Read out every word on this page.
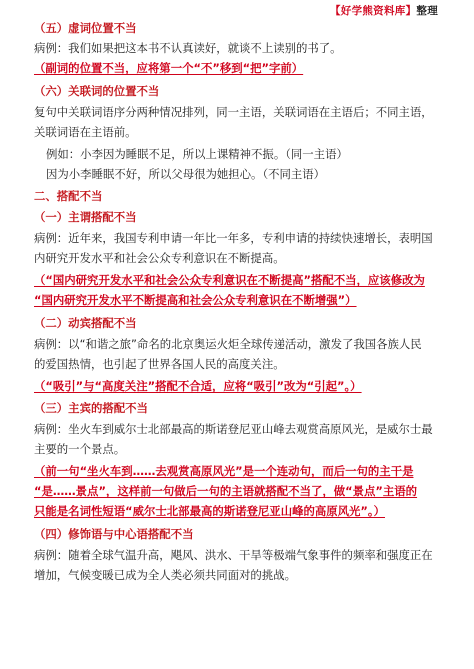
【好学熊资料库】整理
（五）虚词位置不当
病例：我们如果把这本书不认真读好，就谈不上读别的书了。
（副词的位置不当，应将第一个“不”移到“把”字前）
（六）关联词的位置不当
复句中关联词语序分两种情况排列，同一主语，关联词语在主语后；不同主语，
关联词语在主语前。
例如：小李因为睡眠不足，所以上课精神不振。（同一主语）
因为小李睡眠不好，所以父母很为她担心。（不同主语）
二、搭配不当
（一）主谓搭配不当
病例：近年来，我国专利申请一年比一年多，专利申请的持续快速增长，表明国
内研究开发水平和社会公众专利意识在不断提高。
（“国内研究开发水平和社会公众专利意识在不断提高”搭配不当，应该修改为
“国内研究开发水平不断提高和社会公众专利意识在不断增强”）
（二）动宾搭配不当
病例：以“和谐之旅”命名的北京奥运火炬全球传递活动，激发了我国各族人民
的爱国热情，也引起了世界各国人民的高度关注。
（“吸引”与“高度关注”搭配不合适，应将“吸引”改为“引起”。）
（三）主宾的搭配不当
病例：坐火车到威尔士北部最高的斯诺登尼亚山峰去观赏高原风光，是威尔士最
主要的一个景点。
（前一句“坐火车到……去观赏高原风光”是一个连动句，而后一句的主干是
“是……景点”，这样前一句做后一句的主语就搭配不当了，做“景点”主语的
只能是名词性短语“威尔士北部最高的斯诺登尼亚山峰的高原风光”。）
（四）修饰语与中心语搭配不当
病例：随着全球气温升高，飓风、洪水、干旱等极端气象事件的频率和强度正在
增加，气候变暖已成为全人类必须共同面对的挑战。
